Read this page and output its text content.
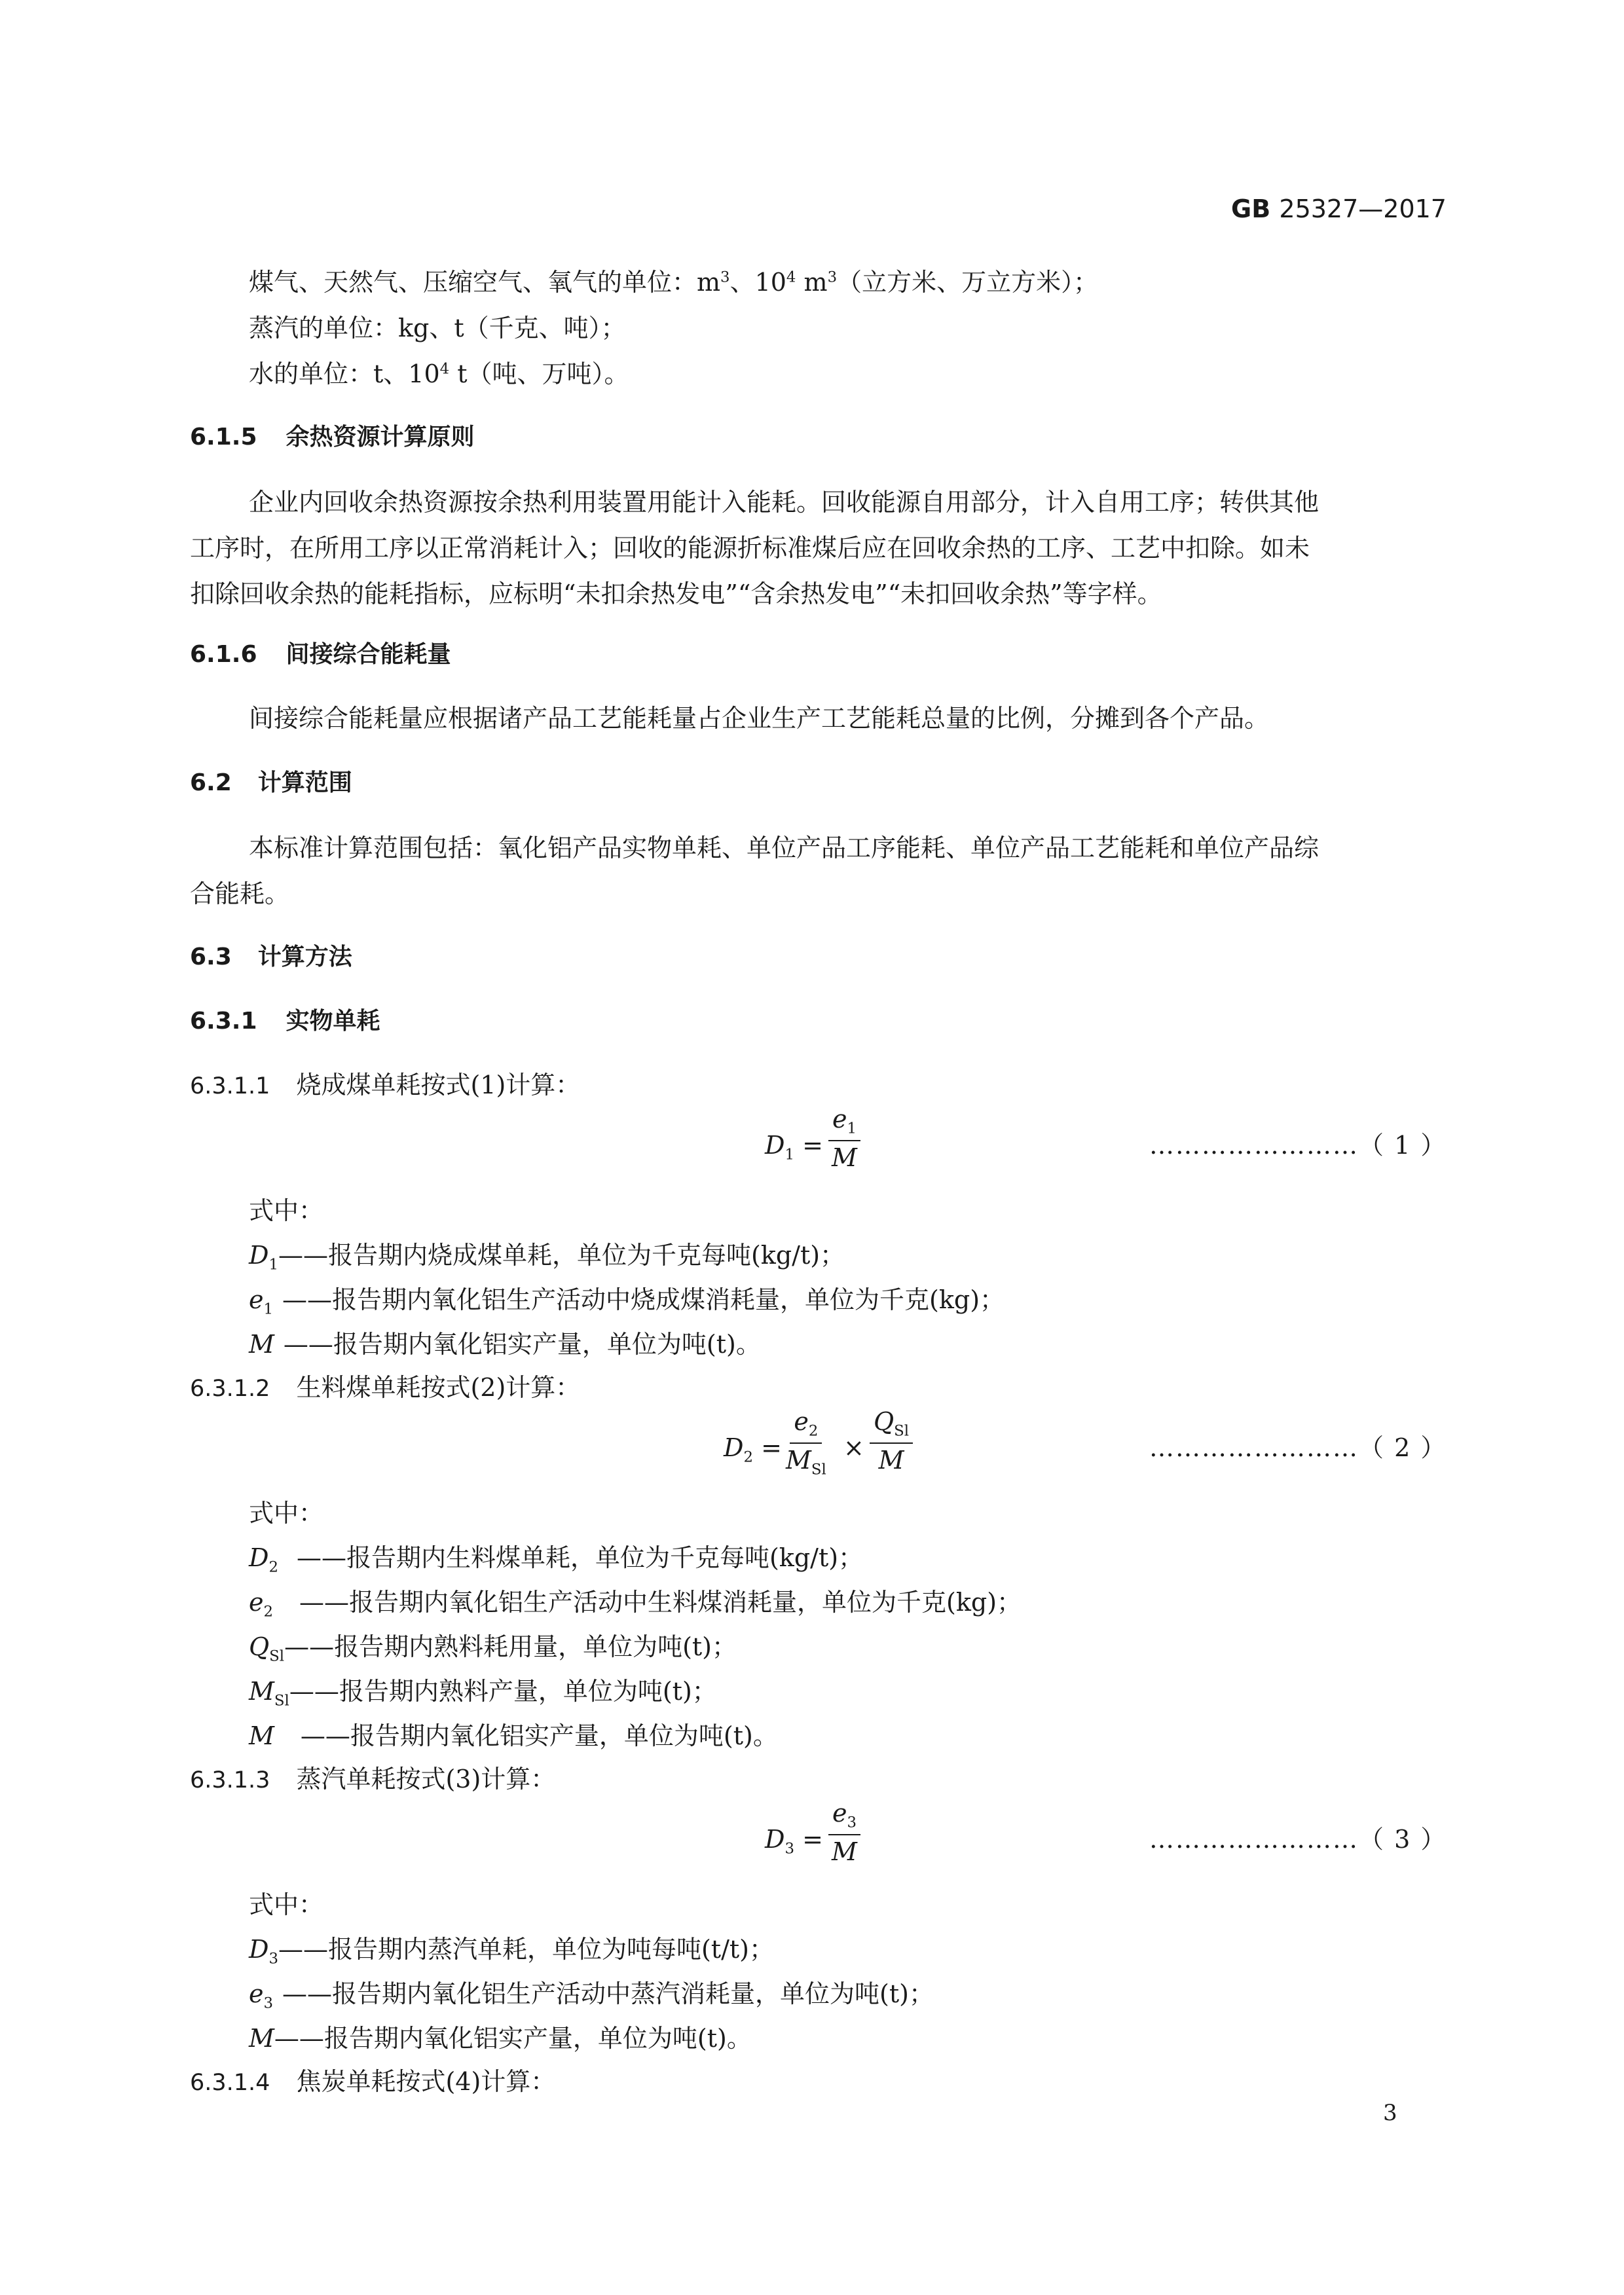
GB 25327—2017
煤气、天然气、压缩空气、氧气的单位：$m^3$、$10^4$ $m^3$（立方米、万立方米）；
蒸汽的单位：kg、t（千克、吨）；
水的单位：t、$10^4$ t（吨、万吨）。
6.1.5 余热资源计算原则
企业内回收余热资源按余热利用装置用能计入能耗。回收能源自用部分，计入自用工序；转供其他
工序时，在所用工序以正常消耗计入；回收的能源折标准煤后应在回收余热的工序、工艺中扣除。如未
扣除回收余热的能耗指标，应标明“未扣余热发电”“含余热发电”“未扣回收余热”等字样。
6.1.6 间接综合能耗量
间接综合能耗量应根据诸产品工艺能耗量占企业生产工艺能耗总量的比例，分摊到各个产品。
6.2 计算范围
本标准计算范围包括：氧化铝产品实物单耗、单位产品工序能耗、单位产品工艺能耗和单位产品综
合能耗。
6.3 计算方法
6.3.1 实物单耗
6.3.1.1 烧成煤单耗按式(1)计算：
$D_1 = \frac{e_1}{M}$	……………………（ 1 ）
式中：
$D_1——$报告期内烧成煤单耗，单位为千克每吨(kg/t)；
$e_1$ ——报告期内氧化铝生产活动中烧成煤消耗量，单位为千克(kg)；
M ——报告期内氧化铝实产量，单位为吨(t)。
6.3.1.2 生料煤单耗按式(2)计算：
$D_2$ =
$e_2$
$M_{Sl}$
×
$Q_{Sl}$
M	……………………（ 2 ）
式中：
$D_2$ ——报告期内生料煤单耗，单位为千克每吨(kg/t)；
$e_2$ ——报告期内氧化铝生产活动中生料煤消耗量，单位为千克(kg)；
$Q_{Sl}——$报告期内熟料耗用量，单位为吨(t)；
$M_{Sl}——$报告期内熟料产量，单位为吨(t)；
M ——报告期内氧化铝实产量，单位为吨(t)。
6.3.1.3 蒸汽单耗按式(3)计算：
$D_3 = \frac{e_3}{M}$	……………………（ 3 ）
式中：
$D_3——$报告期内蒸汽单耗，单位为吨每吨(t/t)；
$e_3$ ——报告期内氧化铝生产活动中蒸汽消耗量，单位为吨(t)；
M——报告期内氧化铝实产量，单位为吨(t)。
6.3.1.4 焦炭单耗按式(4)计算：
3
